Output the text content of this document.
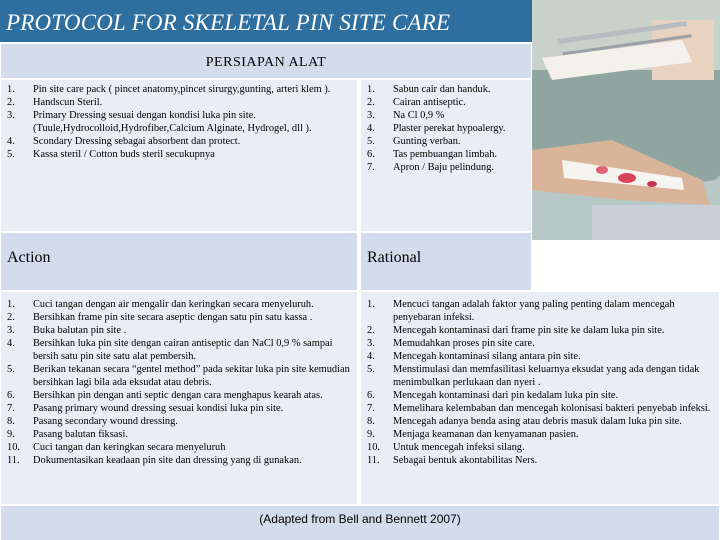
PROTOCOL FOR SKELETAL PIN SITE CARE
PERSIAPAN ALAT
1. Pin site care pack ( pincet anatomy,pincet sirurgy,gunting, arteri klem ).
2. Handscun Steril.
3. Primary Dressing sesuai dengan kondisi luka pin site. (Tuule,Hydrocolloid,Hydrofiber,Calcium Alginate, Hydrogel, dll ).
4. Scondary Dressing sebagai absorbent dan protect.
5. Kassa steril / Cotton buds steril secukupnya
1. Sabun cair dan handuk.
2. Cairan antiseptic.
3. Na Cl 0,9 %
4. Plaster perekat hypoalergy.
5. Gunting verban.
6. Tas pembuangan limbah.
7. Apron / Baju pelindung.
Action	Rational
1. Cuci tangan dengan air mengalir dan keringkan secara menyeluruh.
2. Bersihkan frame pin site secara aseptic dengan satu pin satu kassa .
3. Buka balutan pin site .
4. Bersihkan luka pin site dengan cairan antiseptic dan NaCl 0,9 % sampai bersih satu pin site satu alat pembersih.
5. Berikan tekanan secara “gentel method” pada sekitar luka pin site kemudian bersihkan lagi bila ada eksudat atau debris.
6. Bersihkan pin dengan anti septic dengan cara menghapus kearah atas.
7. Pasang primary wound dressing sesuai kondisi luka pin site.
8. Pasang secondary wound dressing.
9. Pasang balutan fiksasi.
10. Cuci tangan dan keringkan secara menyeluruh
11. Dokumentasikan keadaan pin site dan dressing yang di gunakan.
1. Mencuci tangan adalah faktor yang paling penting dalam mencegah penyebaran infeksi.
2. Mencegah kontaminasi dari frame pin site ke dalam luka pin site.
3. Memudahkan proses pin site care.
4. Mencegah kontaminasi silang antara pin site.
5. Menstimulasi dan memfasilitasi keluarnya eksudat yang ada dengan tidak menimbulkan perlukaan dan nyeri .
6. Mencegah kontaminasi dari pin kedalam luka pin site.
7. Memelihara kelembaban dan mencegah kolonisasi bakteri penyebab infeksi.
8. Mencegah adanya benda asing atau debris masuk dalam luka pin site.
9. Menjaga keamanan dan kenyamanan pasien.
10. Untuk mencegah infeksi silang.
11. Sebagai bentuk akontabilitas Ners.
(Adapted from Bell and Bennett 2007)
